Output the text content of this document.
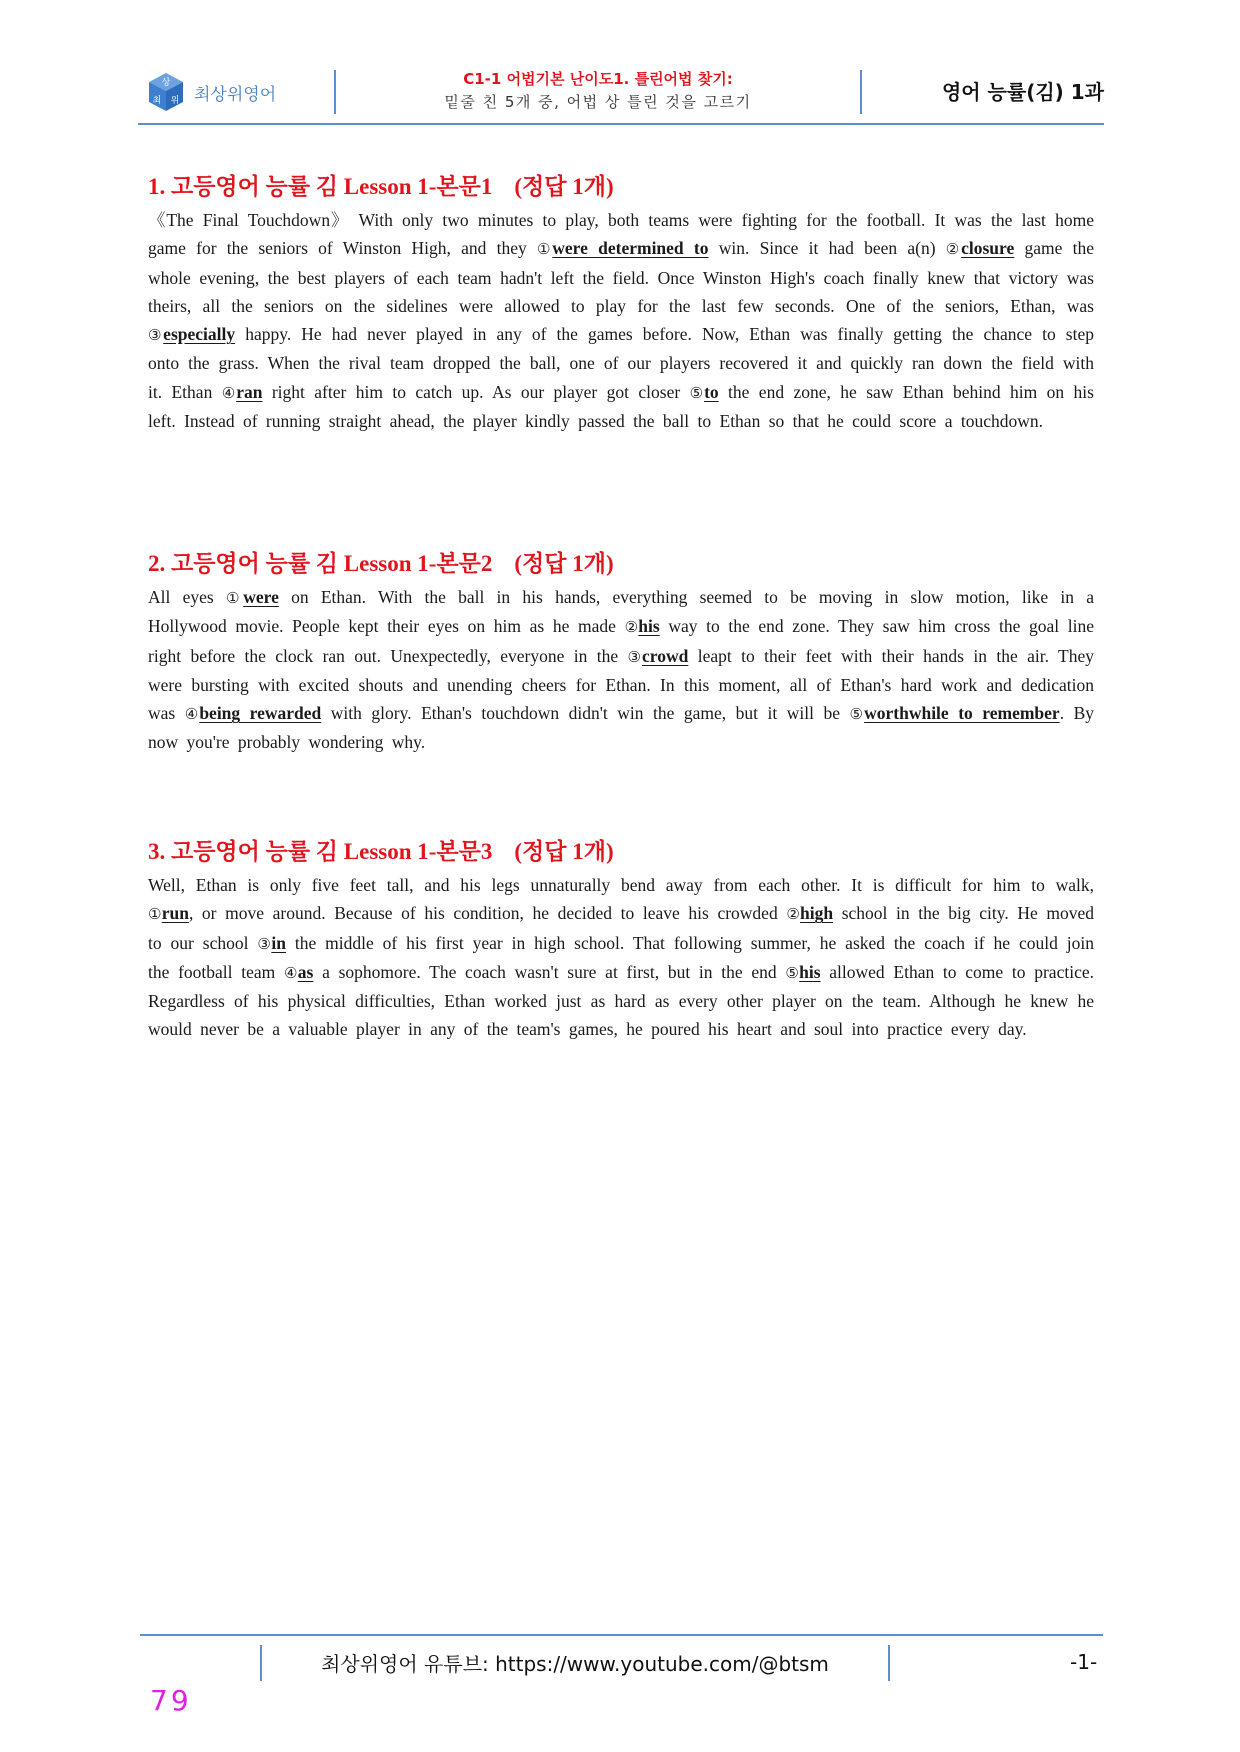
상
최 위 최상위영어
C1-1 어법기본 난이도1. 틀린어법 찾기:
밑줄 친 5개 중, 어법 상 틀린 것을 고르기	영어 능률(김) 1과
1. 고등영어 능률 김 Lesson 1-본문1 (정답 1개)

《The Final Touchdown》 With only two minutes to play, both teams were fighting for the football. It was the last home game for the seniors of Winston High, and they ①were determined to win. Since it had been a(n) ②closure game the whole evening, the best players of each team hadn't left the field. Once Winston High's coach finally knew that victory was theirs, all the seniors on the sidelines were allowed to play for the last few seconds. One of the seniors, Ethan, was ③especially happy. He had never played in any of the games before. Now, Ethan was finally getting the chance to step onto the grass. When the rival team dropped the ball, one of our players recovered it and quickly ran down the field with it. Ethan ④ran right after him to catch up. As our player got closer ⑤to the end zone, he saw Ethan behind him on his left. Instead of running straight ahead, the player kindly passed the ball to Ethan so that he could score a touchdown.

2. 고등영어 능률 김 Lesson 1-본문2 (정답 1개)

All eyes ①were on Ethan. With the ball in his hands, everything seemed to be moving in slow motion, like in a Hollywood movie. People kept their eyes on him as he made ②his way to the end zone. They saw him cross the goal line right before the clock ran out. Unexpectedly, everyone in the ③crowd leapt to their feet with their hands in the air. They were bursting with excited shouts and unending cheers for Ethan. In this moment, all of Ethan's hard work and dedication was ④being rewarded with glory. Ethan's touchdown didn't win the game, but it will be ⑤worthwhile to remember. By now you're probably wondering why.

3. 고등영어 능률 김 Lesson 1-본문3 (정답 1개)

Well, Ethan is only five feet tall, and his legs unnaturally bend away from each other. It is difficult for him to walk, ①run, or move around. Because of his condition, he decided to leave his crowded ②high school in the big city. He moved to our school ③in the middle of his first year in high school. That following summer, he asked the coach if he could join the football team ④as a sophomore. The coach wasn't sure at first, but in the end ⑤his allowed Ethan to come to practice. Regardless of his physical difficulties, Ethan worked just as hard as every other player on the team. Although he knew he would never be a valuable player in any of the team's games, he poured his heart and soul into practice every day.

최상위영어 유튜브: https://www.youtube.com/@btsm	-1-
79
